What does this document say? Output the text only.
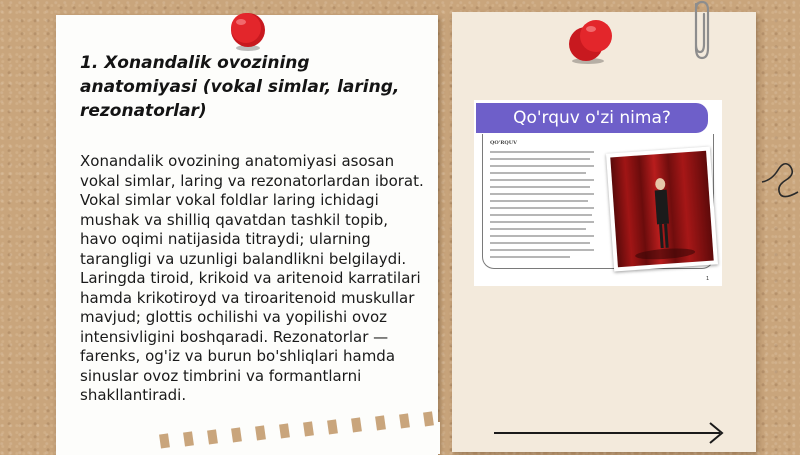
1. Xonandalik ovozining anatomiyasi (vokal simlar, laring, rezonatorlar)
Xonandalik ovozining anatomiyasi asosan vokal simlar, laring va rezonatorlardan iborat. Vokal simlar vokal foldlar laring ichidagi mushak va shilliq qavatdan tashkil topib, havo oqimi natijasida titraydi; ularning tarangligi va uzunligi balandlikni belgilaydi. Laringda tiroid, krikoid va aritenoid karratilari hamda krikotiroyd va tiroaritenoid muskullar mavjud; glottis ochilishi va yopilishi ovoz intensivligini boshqaradi. Rezonatorlar — farenks, og'iz va burun bo'shliqlari hamda sinuslar ovoz timbrini va formantlarni shakllantiradi.
Qo'rquv o'zi nima?
QO'RQUV
1
